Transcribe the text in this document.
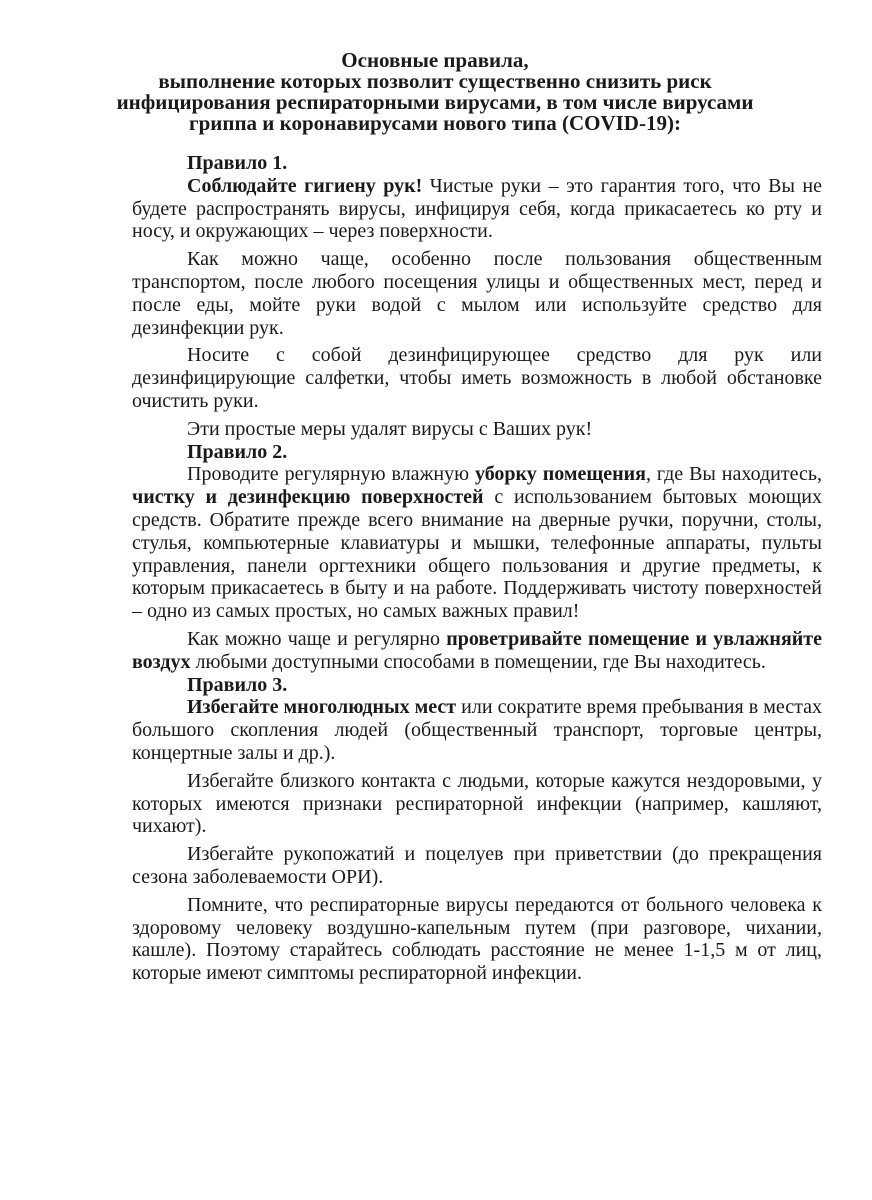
Основные правила,
выполнение которых позволит существенно снизить риск
инфицирования респираторными вирусами, в том числе вирусами
гриппа и коронавирусами нового типа (COVID-19):

Правило 1.

Соблюдайте гигиену рук! Чистые руки – это гарантия того, что Вы не будете распространять вирусы, инфицируя себя, когда прикасаетесь ко рту и носу, и окружающих – через поверхности.

Как можно чаще, особенно после пользования общественным транспортом, после любого посещения улицы и общественных мест, перед и после еды, мойте руки водой с мылом или используйте средство для дезинфекции рук.

Носите с собой дезинфицирующее средство для рук или дезинфицирующие салфетки, чтобы иметь возможность в любой обстановке очистить руки.

Эти простые меры удалят вирусы с Ваших рук!

Правило 2.

Проводите регулярную влажную уборку помещения, где Вы находитесь, чистку и дезинфекцию поверхностей с использованием бытовых моющих средств. Обратите прежде всего внимание на дверные ручки, поручни, столы, стулья, компьютерные клавиатуры и мышки, телефонные аппараты, пульты управления, панели оргтехники общего пользования и другие предметы, к которым прикасаетесь в быту и на работе. Поддерживать чистоту поверхностей – одно из самых простых, но самых важных правил!

Как можно чаще и регулярно проветривайте помещение и увлажняйте воздух любыми доступными способами в помещении, где Вы находитесь.

Правило 3.

Избегайте многолюдных мест или сократите время пребывания в местах большого скопления людей (общественный транспорт, торговые центры, концертные залы и др.).

Избегайте близкого контакта с людьми, которые кажутся нездоровыми, у которых имеются признаки респираторной инфекции (например, кашляют, чихают).

Избегайте рукопожатий и поцелуев при приветствии (до прекращения сезона заболеваемости ОРИ).

Помните, что респираторные вирусы передаются от больного человека к здоровому человеку воздушно-капельным путем (при разговоре, чихании, кашле). Поэтому старайтесь соблюдать расстояние не менее 1-1,5 м от лиц, которые имеют симптомы респираторной инфекции.
